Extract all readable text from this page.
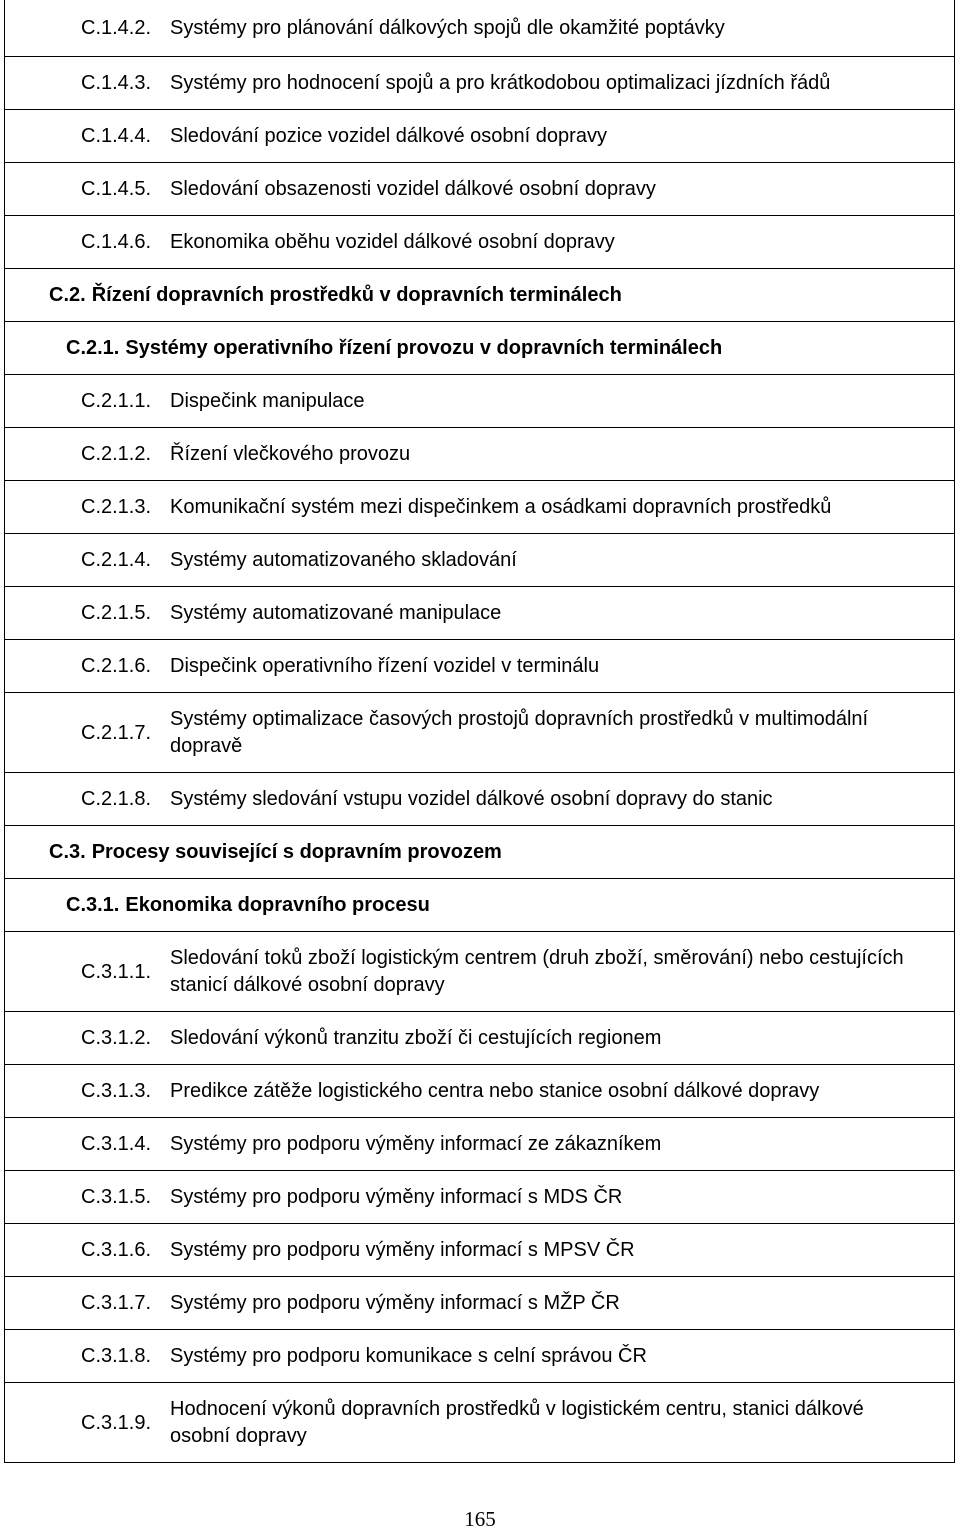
C.1.4.2. Systémy pro plánování dálkových spojů dle okamžité poptávky
C.1.4.3. Systémy pro hodnocení spojů a pro krátkodobou optimalizaci jízdních řádů
C.1.4.4. Sledování pozice vozidel dálkové osobní dopravy
C.1.4.5. Sledování obsazenosti vozidel dálkové osobní dopravy
C.1.4.6. Ekonomika oběhu vozidel dálkové osobní dopravy
C.2. Řízení dopravních prostředků v dopravních terminálech
C.2.1. Systémy operativního řízení provozu v dopravních terminálech
C.2.1.1. Dispečink manipulace
C.2.1.2. Řízení vlečkového provozu
C.2.1.3. Komunikační systém mezi dispečinkem a osádkami dopravních prostředků
C.2.1.4. Systémy automatizovaného skladování
C.2.1.5. Systémy automatizované manipulace
C.2.1.6. Dispečink operativního řízení vozidel v terminálu
C.2.1.7.
Systémy optimalizace časových prostojů dopravních prostředků v multimodální dopravě
C.2.1.8. Systémy sledování vstupu vozidel dálkové osobní dopravy do stanic
C.3. Procesy související s dopravním provozem
C.3.1. Ekonomika dopravního procesu
C.3.1.1.
Sledování toků zboží logistickým centrem (druh zboží, směrování) nebo cestujících stanicí dálkové osobní dopravy
C.3.1.2. Sledování výkonů tranzitu zboží či cestujících regionem
C.3.1.3. Predikce zátěže logistického centra nebo stanice osobní dálkové dopravy
C.3.1.4. Systémy pro podporu výměny informací ze zákazníkem
C.3.1.5. Systémy pro podporu výměny informací s MDS ČR
C.3.1.6. Systémy pro podporu výměny informací s MPSV ČR
C.3.1.7. Systémy pro podporu výměny informací s MŽP ČR
C.3.1.8. Systémy pro podporu komunikace s celní správou ČR
C.3.1.9.
Hodnocení výkonů dopravních prostředků v logistickém centru, stanici dálkové osobní dopravy
165
